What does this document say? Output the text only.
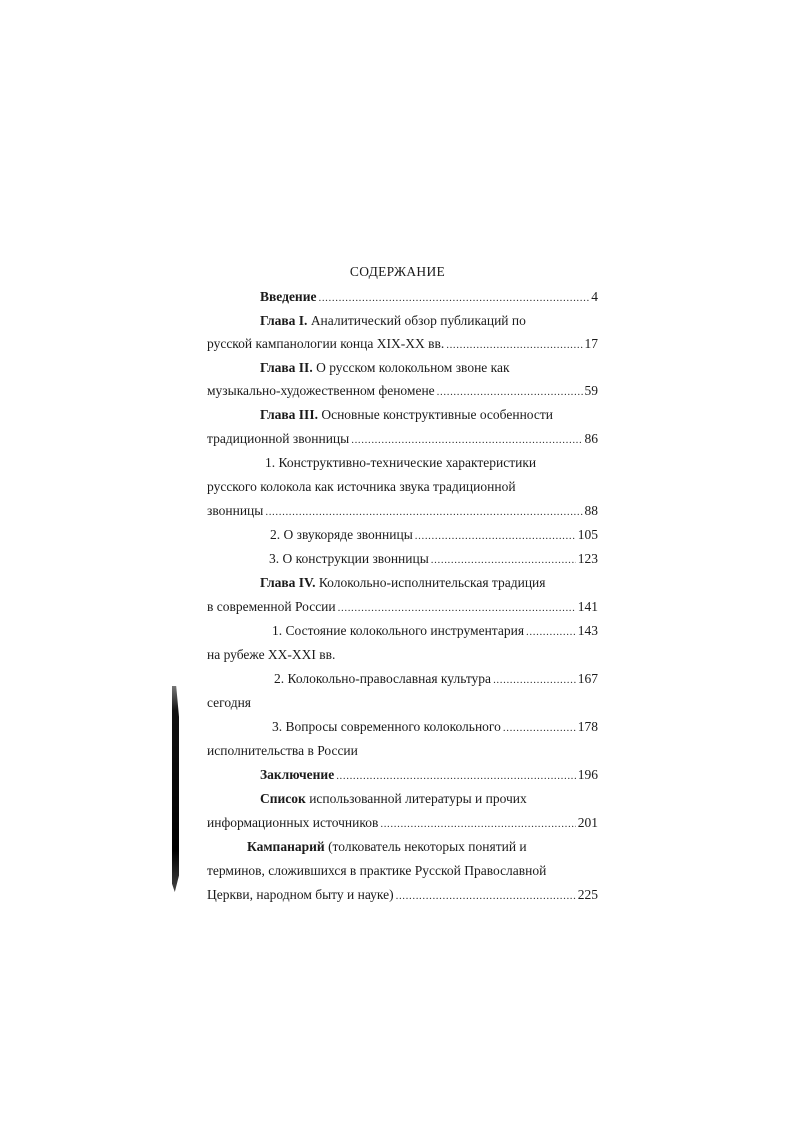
СОДЕРЖАНИЕ
Введение .....	4
Глава I. Аналитический обзор публикаций по
русской кампанологии конца XIX-XX вв. .....	17
Глава II. О русском колокольном звоне как
музыкально-художественном феномене .....	59
Глава III. Основные конструктивные особенности
традиционной звонницы .....	86
1. Конструктивно-технические характеристики
русского колокола как источника звука традиционной
звонницы .....	88
2. О звукоряде звонницы .....	105
3. О конструкции звонницы .....	123
Глава IV. Колокольно-исполнительская традиция
в современной России .....	141
1. Состояние колокольного инструментария .....	143
на рубеже XX-XXI вв.
2. Колокольно-православная культура .....	167
сегодня
3. Вопросы современного колокольного .....	178
исполнительства в России
Заключение .....	196
Список использованной литературы и прочих
информационных источников .....	201
Кампанарий (толкователь некоторых понятий и
терминов, сложившихся в практике Русской Православной
Церкви, народном быту и науке) .....	225
